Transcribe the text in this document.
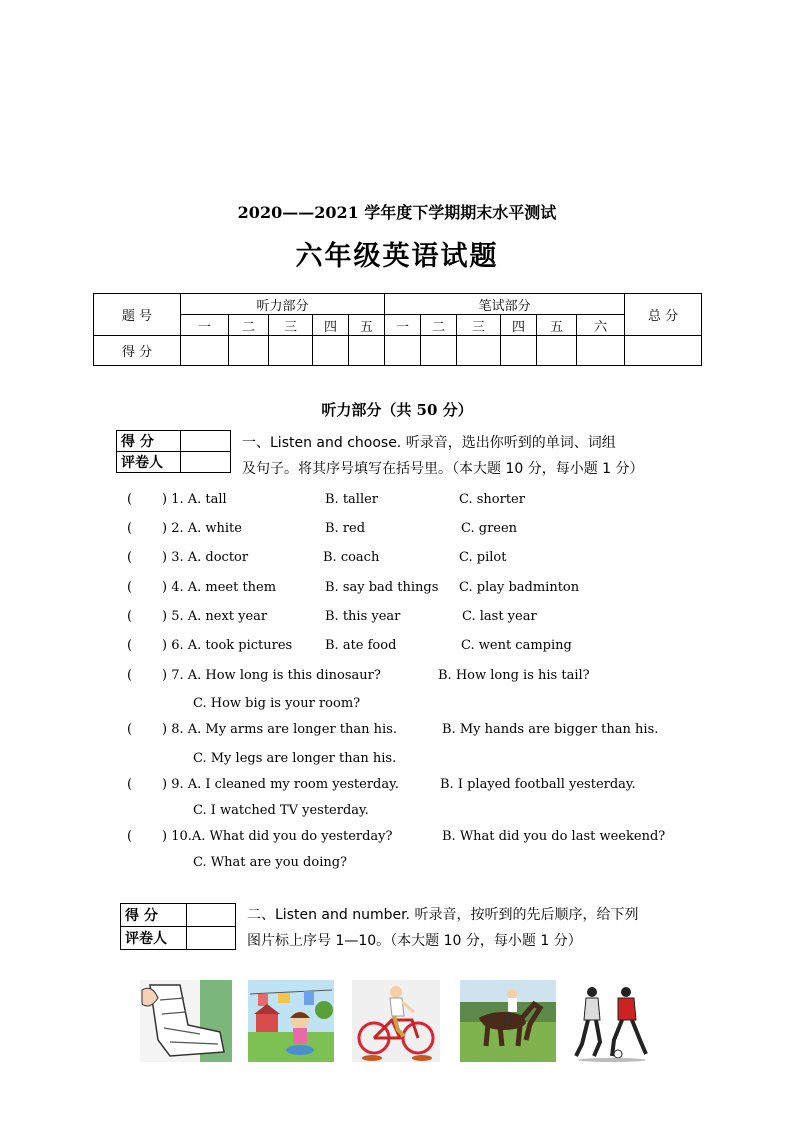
2020——2021 学年度下学期期末水平测试
六年级英语试题
题 号	听力部分					笔试部分						总 分
	一	二	三	四	五	一	二	三	四	五	六	
得 分												
听力部分（共 50 分）
得 分	
评卷人	
一、Listen and choose. 听录音，选出你听到的单词、词组
及句子。将其序号填写在括号里。（本大题 10 分，每小题 1 分）
( ) 1. A. tall	B. taller	C. shorter
( ) 2. A. white	B. red	C. green
( ) 3. A. doctor	B. coach	C. pilot
( ) 4. A. meet them	B. say bad things C. play badminton
( ) 5. A. next year	B. this year	C. last year
( ) 6. A. took pictures	B. ate food	C. went camping
( ) 7. A. How long is this dinosaur?	B. How long is his tail?
C. How big is your room?
( ) 8. A. My arms are longer than his.	B. My hands are bigger than his.
C. My legs are longer than his.
( ) 9. A. I cleaned my room yesterday.	B. I played football yesterday.
C. I watched TV yesterday.
( ) 10.A. What did you do yesterday?	B. What did you do last weekend?
C. What are you doing?
得 分	
评卷人	
二、Listen and number. 听录音，按听到的先后顺序，给下列
图片标上序号 1—10。（本大题 10 分，每小题 1 分）
